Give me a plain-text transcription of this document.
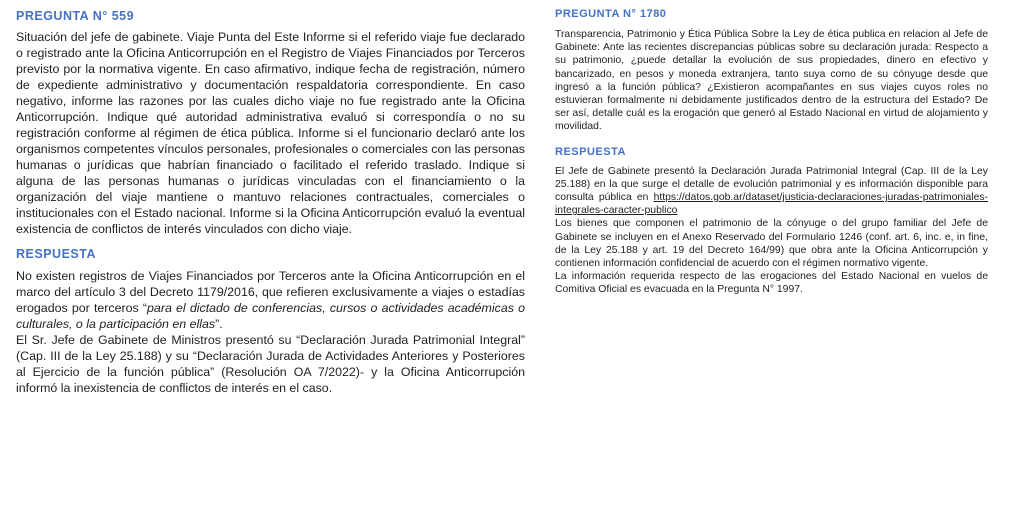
PREGUNTA N° 559
Situación del jefe de gabinete. Viaje Punta del Este Informe si el referido viaje fue declarado o registrado ante la Oficina Anticorrupción en el Registro de Viajes Financiados por Terceros previsto por la normativa vigente. En caso afirmativo, indique fecha de registración, número de expediente administrativo y documentación respaldatoria correspondiente. En caso negativo, informe las razones por las cuales dicho viaje no fue registrado ante la Oficina Anticorrupción. Indique qué autoridad administrativa evaluó si correspondía o no su registración conforme al régimen de ética pública. Informe si el funcionario declaró ante los organismos competentes vínculos personales, profesionales o comerciales con las personas humanas o jurídicas que habrían financiado o facilitado el referido traslado. Indique si alguna de las personas humanas o jurídicas vinculadas con el financiamiento o la organización del viaje mantiene o mantuvo relaciones contractuales, comerciales o institucionales con el Estado nacional. Informe si la Oficina Anticorrupción evaluó la eventual existencia de conflictos de interés vinculados con dicho viaje.
RESPUESTA

No existen registros de Viajes Financiados por Terceros ante la Oficina Anticorrupción en el marco del artículo 3 del Decreto 1179/2016, que refieren exclusivamente a viajes o estadías erogados por terceros “para el dictado de conferencias, cursos o actividades académicas o culturales, o la participación en ellas”.

El Sr. Jefe de Gabinete de Ministros presentó su “Declaración Jurada Patrimonial Integral” (Cap. III de la Ley 25.188) y su “Declaración Jurada de Actividades Anteriores y Posteriores al Ejercicio de la función pública” (Resolución OA 7/2022)- y la Oficina Anticorrupción informó la inexistencia de conflictos de interés en el caso.

PREGUNTA N° 1780
Transparencia, Patrimonio y Ética Pública Sobre la Ley de ética publica en relacion al Jefe de Gabinete: Ante las recientes discrepancias públicas sobre su declaración jurada: Respecto a su patrimonio, ¿puede detallar la evolución de sus propiedades, dinero en efectivo y bancarizado, en pesos y moneda extranjera, tanto suya como de su cónyuge desde que ingresó a la función pública? ¿Existieron acompañantes en sus viajes cuyos roles no estuvieran formalmente ni debidamente justificados dentro de la estructura del Estado? De ser así, detalle cuál es la erogación que generó al Estado Nacional en virtud de alojamiento y movilidad.
RESPUESTA

El Jefe de Gabinete presentó la Declaración Jurada Patrimonial Integral (Cap. III de la Ley 25.188) en la que surge el detalle de evolución patrimonial y es información disponible para consulta pública en https://datos.gob.ar/dataset/justicia-declaraciones-juradas-patrimoniales-integrales-caracter-publico

Los bienes que componen el patrimonio de la cónyuge o del grupo familiar del Jefe de Gabinete se incluyen en el Anexo Reservado del Formulario 1246 (conf. art. 6, inc. e, in fine, de la Ley 25.188 y art. 19 del Decreto 164/99) que obra ante la Oficina Anticorrupción y contienen información confidencial de acuerdo con el régimen normativo vigente.

La información requerida respecto de las erogaciones del Estado Nacional en vuelos de Comitiva Oficial es evacuada en la Pregunta N° 1997.
